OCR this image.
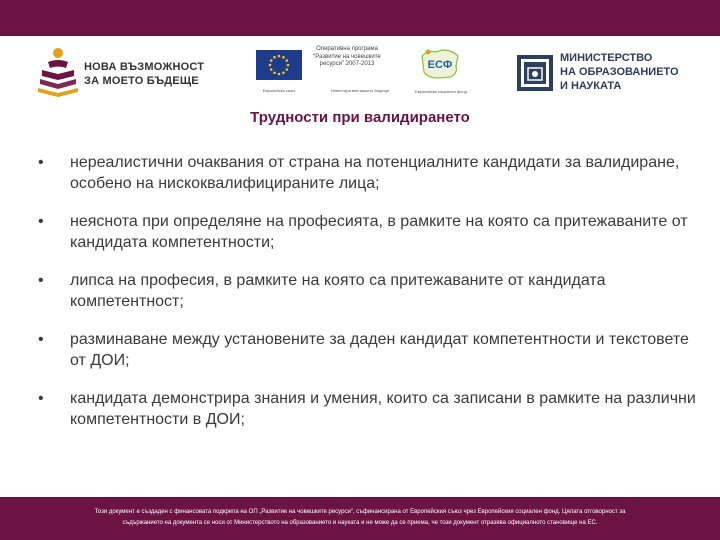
НОВА ВЪЗМОЖНОСТ
ЗА МОЕТО БЪДЕЩЕ
Европейски съюз
Оперативна програма
“Развитие на човешките
ресурси” 2007-2013
Инвестира във вашето бъдеще
ЕСФ
Европейски социален фонд
МИНИСТЕРСТВО
НА ОБРАЗОВАНИЕТО
И НАУКАТА
Трудности при валидирането
•	нереалистични очаквания от страна на потенциалните кандидати за валидиране, особено на нискоквалифицираните лица;
•	неяснота при определяне на професията, в рамките на която са притежаваните от кандидата компетентности;
•	липса на професия, в рамките на която са притежаваните от кандидата компетентност;
•	разминаване между установените за даден кандидат компетентности и текстовете от ДОИ;
•	кандидата демонстрира знания и умения, които са записани в рамките на различни компетентности в ДОИ;
Този документ е създаден с финансовата подкрепа на ОП „Развитие на човешките ресурси“, съфинансирана от Европейския съюз чрез Европейския социален фонд. Цялата отговорност за
съдържанието на документа се носи от Министерството на образованието и науката и не може да се приема, че този документ отразява официалното становище на ЕС.
